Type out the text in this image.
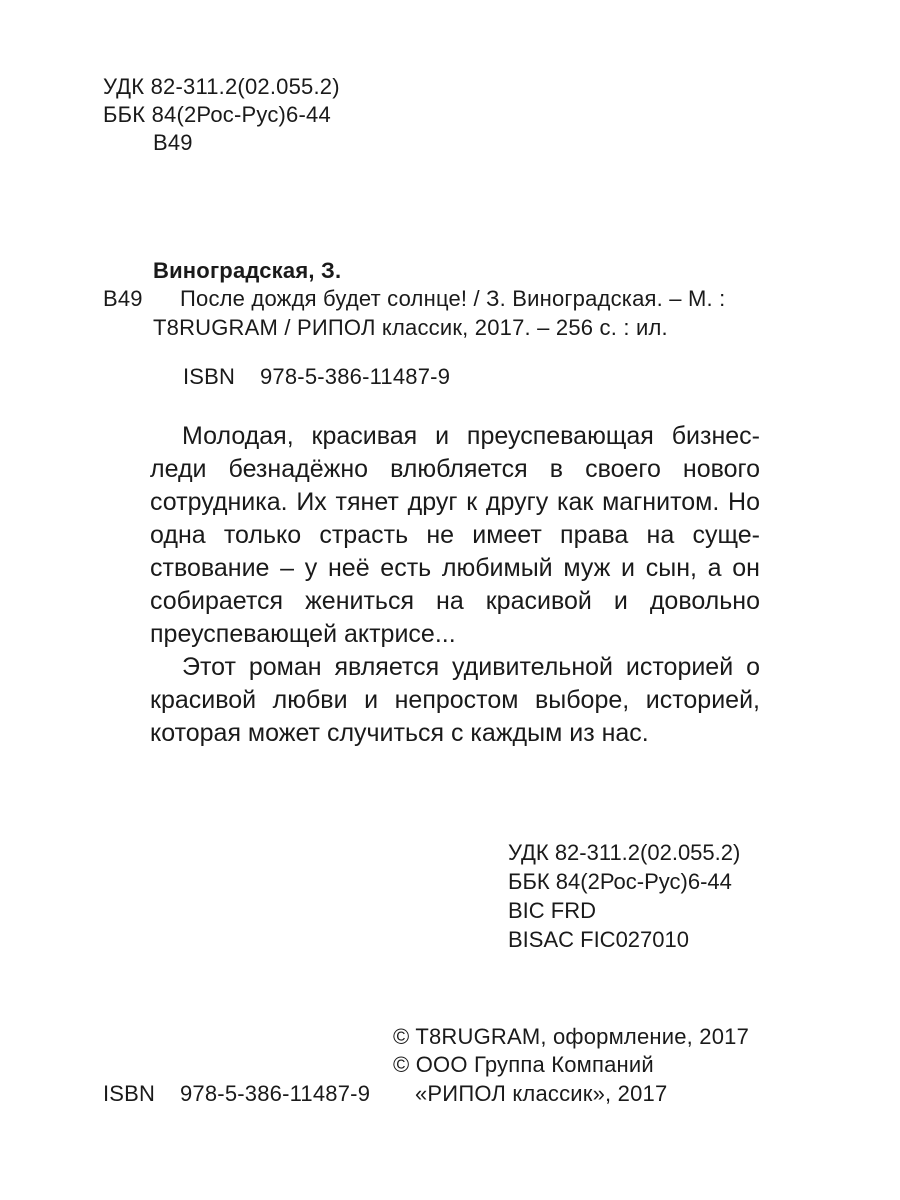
УДК 82-311.2(02.055.2)
ББК 84(2Рос-Рус)6-44
В49
Виноградская, З.
В49 После дождя будет солнце! / З. Виноградская. – М. :
T8RUGRAM / РИПОЛ классик, 2017. – 256 с. : ил.
ISBN 978-5-386-11487-9

Молодая, красивая и преуспевающая бизнеследи безнадёжно влюбляется в своего нового сотрудника. Их тянет друг к другу как магнитом. Но одна только страсть не имеет права на существование – у неё есть любимый муж и сын, а он собирается жениться на красивой и довольно преуспевающей актрисе...

Этот роман является удивительной историей о красивой любви и непростом выборе, историей, которая может случиться с каждым из нас.

УДК 82-311.2(02.055.2)
ББК 84(2Рос-Рус)6-44
BIC FRD
BISAC FIC027010
© T8RUGRAM, оформление, 2017
© ООО Группа Компаний
«РИПОЛ классик», 2017
ISBN 978-5-386-11487-9
